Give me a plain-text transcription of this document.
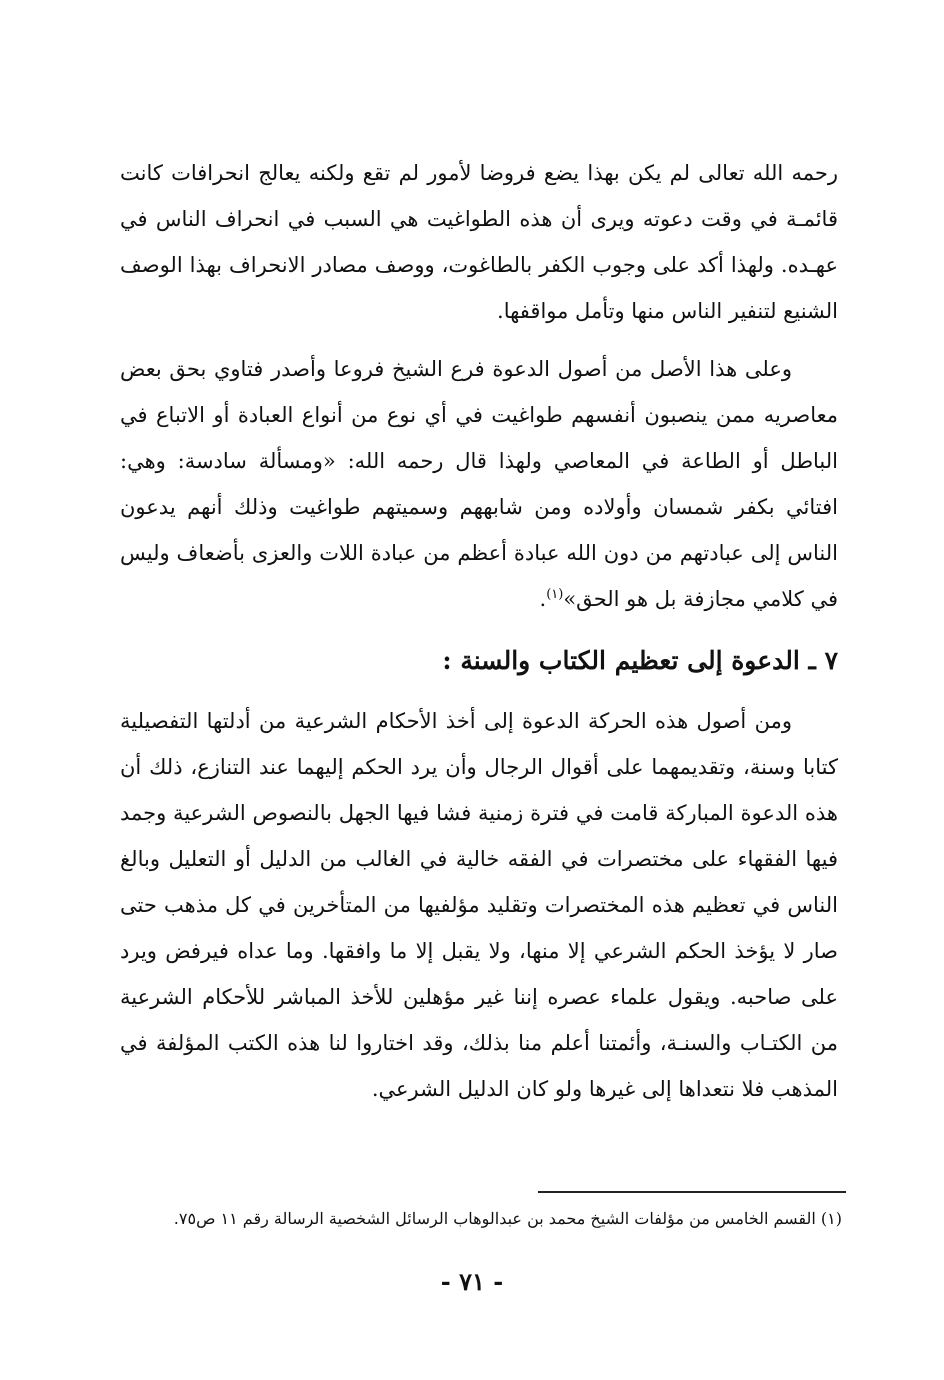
رحمه الله تعالى لم يكن بهذا يضع فروضا لأمور لم تقع ولكنه يعالج انحرافات كانت قائمـة في وقت دعوته ويرى أن هذه الطواغيت هي السبب في انحراف الناس في عهـده. ولهذا أكد على وجوب الكفر بالطاغوت، ووصف مصادر الانحراف بهذا الوصف الشنيع لتنفير الناس منها وتأمل مواقفها.

وعلى هذا الأصل من أصول الدعوة فرع الشيخ فروعا وأصدر فتاوي بحق بعض معاصريه ممن ينصبون أنفسهم طواغيت في أي نوع من أنواع العبادة أو الاتباع في الباطل أو الطاعة في المعاصي ولهذا قال رحمه الله: «ومسألة سادسة: وهي: افتائي بكفر شمسان وأولاده ومن شابههم وسميتهم طواغيت وذلك أنهم يدعون الناس إلى عبادتهم من دون الله عبادة أعظم من عبادة اللات والعزى بأضعاف وليس في كلامي مجازفة بل هو الحق»$^{(١)}$.

٧ ـ الدعوة إلى تعظيم الكتاب والسنة :

ومن أصول هذه الحركة الدعوة إلى أخذ الأحكام الشرعية من أدلتها التفصيلية كتابا وسنة، وتقديمهما على أقوال الرجال وأن يرد الحكم إليهما عند التنازع، ذلك أن هذه الدعوة المباركة قامت في فترة زمنية فشا فيها الجهل بالنصوص الشرعية وجمد فيها الفقهاء على مختصرات في الفقه خالية في الغالب من الدليل أو التعليل وبالغ الناس في تعظيم هذه المختصرات وتقليد مؤلفيها من المتأخرين في كل مذهب حتى صار لا يؤخذ الحكم الشرعي إلا منها، ولا يقبل إلا ما وافقها. وما عداه فيرفض ويرد على صاحبه. ويقول علماء عصره إننا غير مؤهلين للأخذ المباشر للأحكام الشرعية من الكتـاب والسنـة، وأئمتنا أعلم منا بذلك، وقد اختاروا لنا هذه الكتب المؤلفة في المذهب فلا نتعداها إلى غيرها ولو كان الدليل الشرعي.

(١) القسم الخامس من مؤلفات الشيخ محمد بن عبدالوهاب الرسائل الشخصية الرسالة رقم ١١ ص٧٥.

- ٧١ -
